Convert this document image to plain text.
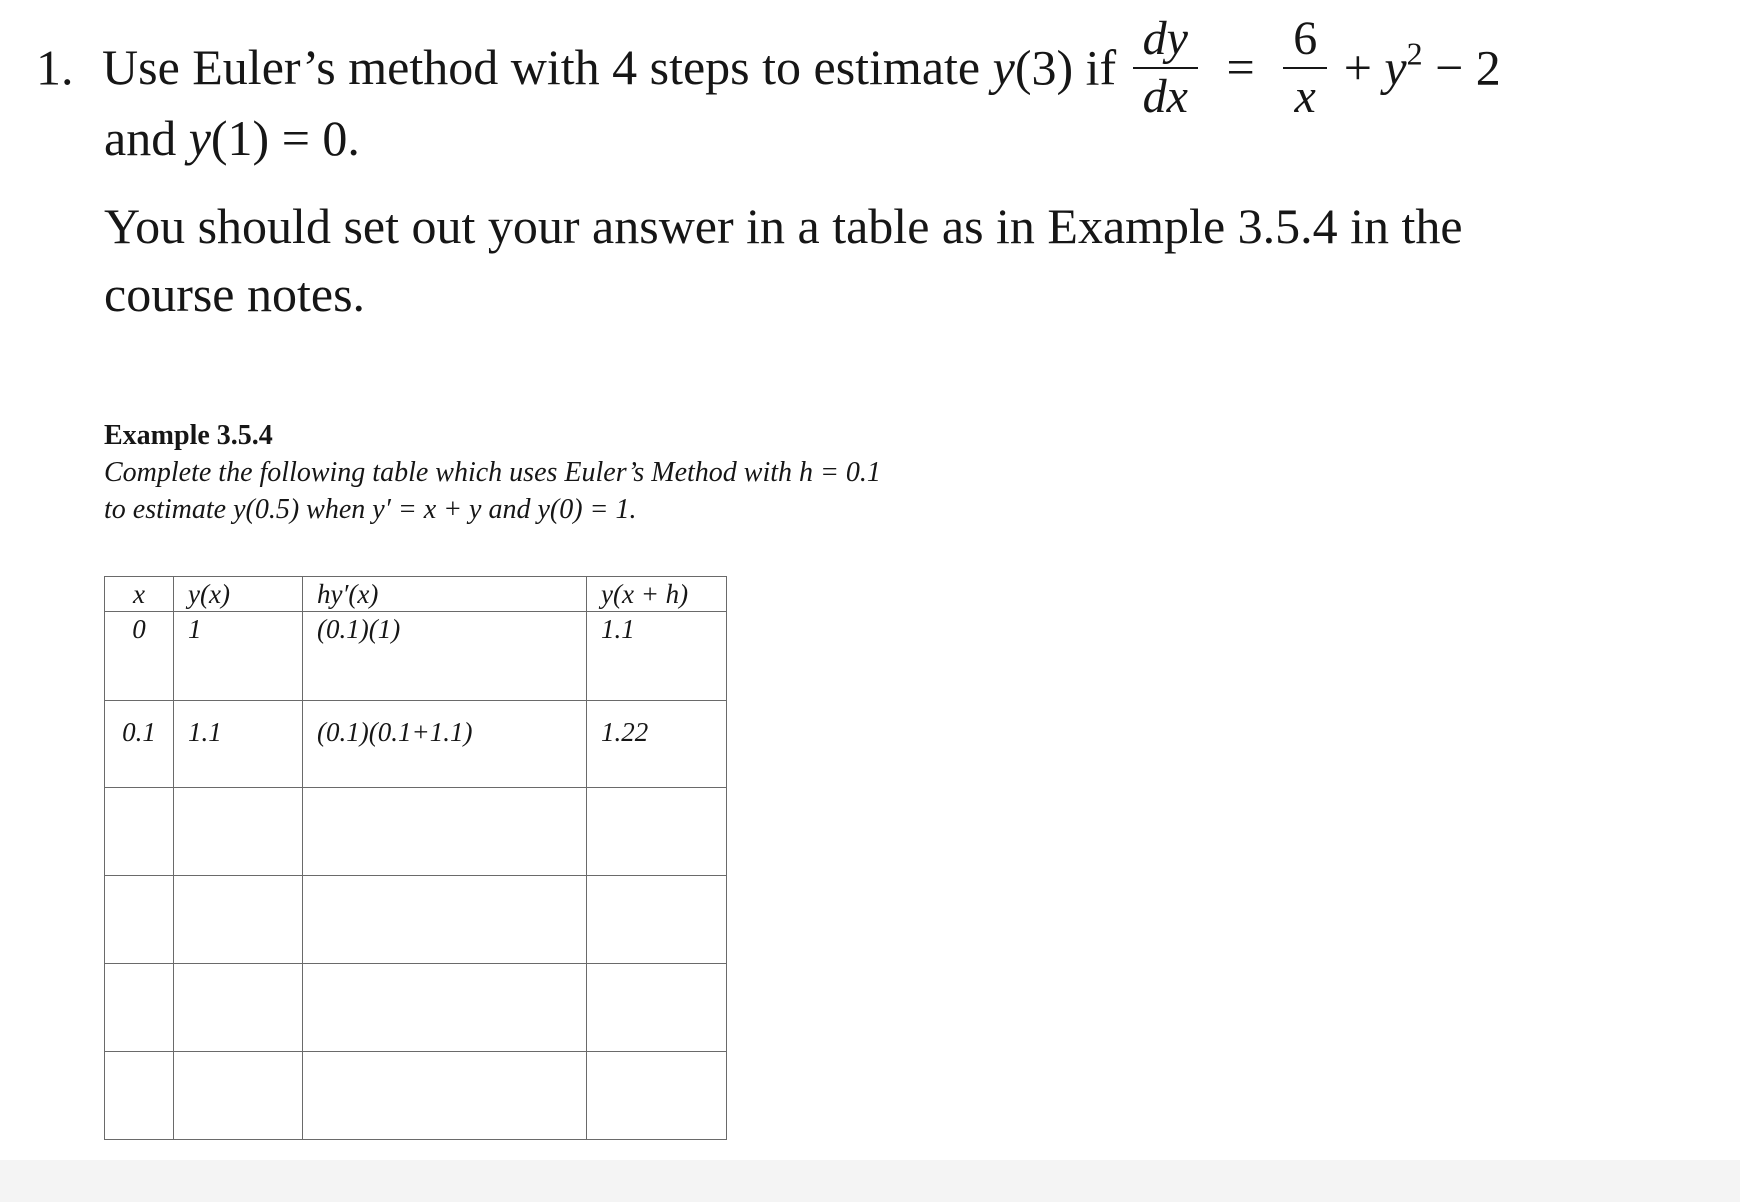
1. Use Euler’s method with 4 steps to estimate y(3) if $\frac{dy}{dx} = \frac{6}{x} + y^2 - 2$
and y(1) = 0.
You should set out your answer in a table as in Example 3.5.4 in the
course notes.
Example 3.5.4
Complete the following table which uses Euler’s Method with h = 0.1
to estimate y(0.5) when y′ = x + y and y(0) = 1.
x	y(x)	hy′(x)	y(x + h)
0	1	(0.1)(1)	1.1
0.1	1.1	(0.1)(0.1+1.1)	1.22
